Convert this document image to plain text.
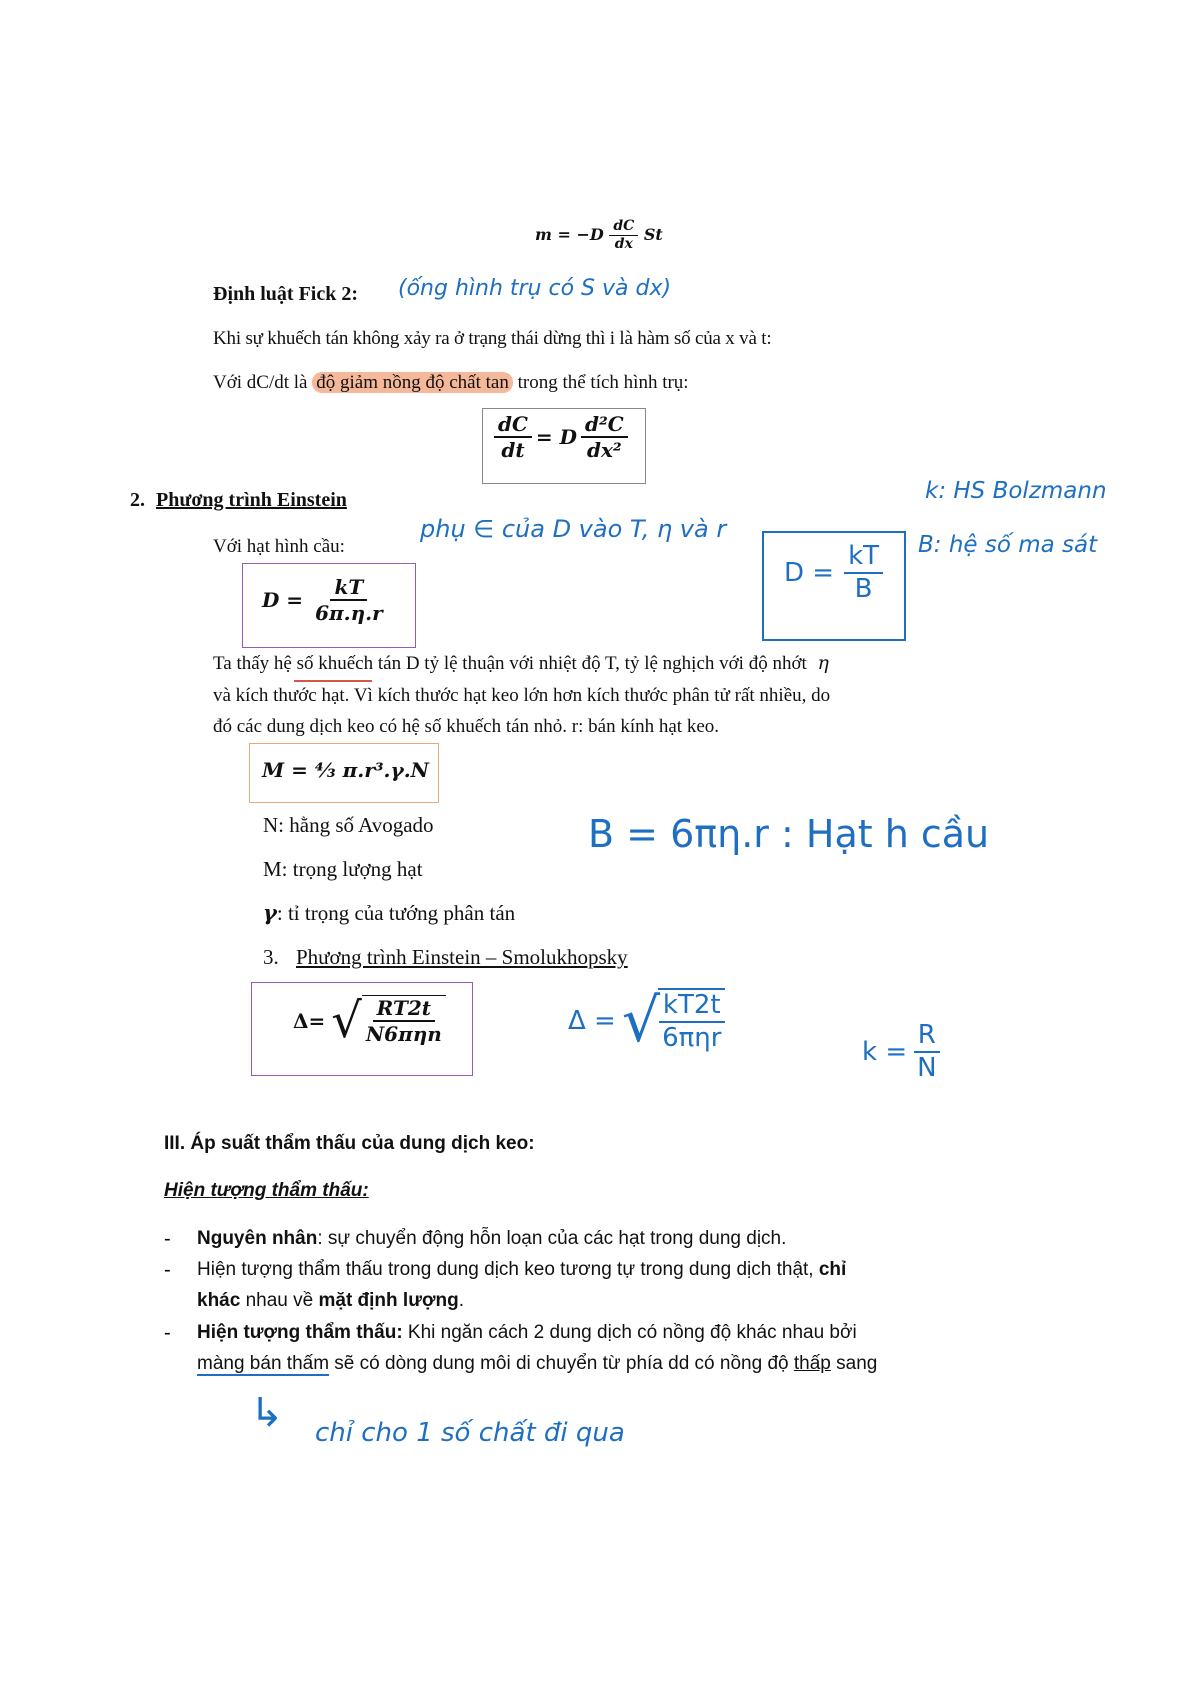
$m = -D \frac{dC}{dx}$ St
Định luật Fick 2: (ống hình trụ có S và dx)
Khi sự khuếch tán không xảy ra ở trạng thái dừng thì i là hàm số của x và t:
Với dC/dt là độ giảm nồng độ chất tan trong thể tích hình trụ:
$\frac{dC}{dt} = D \frac{\text{d²C}}{\text{dx²}}$
2. Phương trình Einstein	k: HS Bolzmann
B: hệ số ma sát
phụ ∈ của D vào T, η và r
Với hạt hình cầu:
$D = \frac{kT}{6\pi.\eta.r}$
$D = \frac{kT}{B}$
Ta thấy hệ số khuếch tán D tỷ lệ thuận với nhiệt độ T, tỷ lệ nghịch với độ nhớt η
và kích thước hạt. Vì kích thước hạt keo lớn hơn kích thước phân tử rất nhiều, do
đó các dung dịch keo có hệ số khuếch tán nhỏ. r: bán kính hạt keo.
M = ⁴⁄₃ π.r³.γ.N
N: hằng số Avogado
M: trọng lượng hạt
γ: tỉ trọng của tướng phân tán
B = 6πη.r : Hạt h cầu
3. Phương trình Einstein – Smolukhopsky
Δ= √ $\frac{RT2t}{\text{N6πηn}}$	Δ = √
$\frac{kT2t}{\text{6πηr}}$	$k = \frac{R}{N}$
III. Áp suất thẩm thấu của dung dịch keo:
Hiện tượng thẩm thấu:
- Nguyên nhân: sự chuyển động hỗn loạn của các hạt trong dung dịch.
- Hiện tượng thẩm thấu trong dung dịch keo tương tự trong dung dịch thật, chỉ
khác nhau về mặt định lượng.
- Hiện tượng thẩm thấu: Khi ngăn cách 2 dung dịch có nồng độ khác nhau bởi
màng bán thấm sẽ có dòng dung môi di chuyển từ phía dd có nồng độ thấp sang
↳ chỉ cho 1 số chất đi qua
